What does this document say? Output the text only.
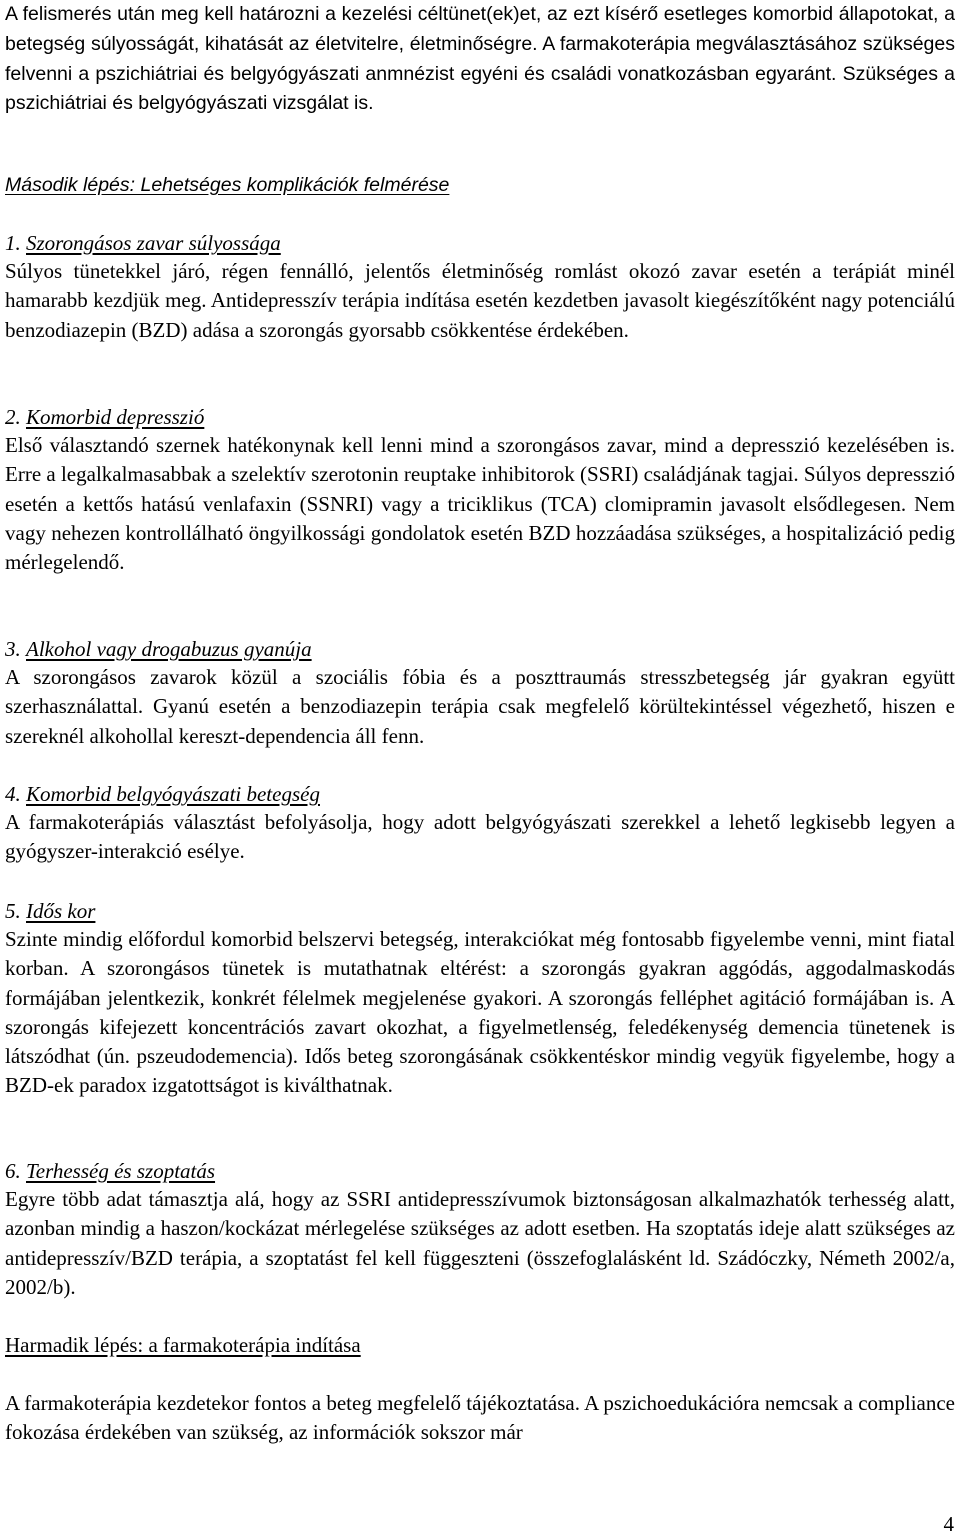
A felismerés után meg kell határozni a kezelési céltünet(ek)et, az ezt kísérő esetleges komorbid állapotokat, a betegség súlyosságát, kihatását az életvitelre, életminőségre. A farmakoterápia megválasztásához szükséges felvenni a pszichiátriai és belgyógyászati anmnézist egyéni és családi vonatkozásban egyaránt. Szükséges a pszichiátriai és belgyógyászati vizsgálat is.

Második lépés: Lehetséges komplikációk felmérése
1. Szorongásos zavar súlyossága

Súlyos tünetekkel járó, régen fennálló, jelentős életminőség romlást okozó zavar esetén a terápiát minél hamarabb kezdjük meg. Antidepresszív terápia indítása esetén kezdetben javasolt kiegészítőként nagy potenciálú benzodiazepin (BZD) adása a szorongás gyorsabb csökkentése érdekében.

2. Komorbid depresszió

Első választandó szernek hatékonynak kell lenni mind a szorongásos zavar, mind a depresszió kezelésében is. Erre a legalkalmasabbak a szelektív szerotonin reuptake inhibitorok (SSRI) családjának tagjai. Súlyos depresszió esetén a kettős hatású venlafaxin (SSNRI) vagy a triciklikus (TCA) clomipramin javasolt elsődlegesen. Nem vagy nehezen kontrollálható öngyilkossági gondolatok esetén BZD hozzáadása szükséges, a hospitalizáció pedig mérlegelendő.

3. Alkohol vagy drogabuzus gyanúja

A szorongásos zavarok közül a szociális fóbia és a poszttraumás stresszbetegség jár gyakran együtt szerhasználattal. Gyanú esetén a benzodiazepin terápia csak megfelelő körültekintéssel végezhető, hiszen e szereknél alkohollal kereszt-dependencia áll fenn.

4. Komorbid belgyógyászati betegség

A farmakoterápiás választást befolyásolja, hogy adott belgyógyászati szerekkel a lehető legkisebb legyen a gyógyszer-interakció esélye.

5. Idős kor

Szinte mindig előfordul komorbid belszervi betegség, interakciókat még fontosabb figyelembe venni, mint fiatal korban. A szorongásos tünetek is mutathatnak eltérést: a szorongás gyakran aggódás, aggodalmaskodás formájában jelentkezik, konkrét félelmek megjelenése gyakori. A szorongás felléphet agitáció formájában is. A szorongás kifejezett koncentrációs zavart okozhat, a figyelmetlenség, feledékenység demencia tünetenek is látszódhat (ún. pszeudodemencia). Idős beteg szorongásának csökkentéskor mindig vegyük figyelembe, hogy a BZD-ek paradox izgatottságot is kiválthatnak.

6. Terhesség és szoptatás

Egyre több adat támasztja alá, hogy az SSRI antidepresszívumok biztonságosan alkalmazhatók terhesség alatt, azonban mindig a haszon/kockázat mérlegelése szükséges az adott esetben. Ha szoptatás ideje alatt szükséges az antidepresszív/BZD terápia, a szoptatást fel kell függeszteni (összefoglalásként ld. Szádóczky, Németh 2002/a, 2002/b).

Harmadik lépés: a farmakoterápia indítása

A farmakoterápia kezdetekor fontos a beteg megfelelő tájékoztatása. A pszichoedukációra nemcsak a compliance fokozása érdekében van szükség, az információk sokszor már

4
